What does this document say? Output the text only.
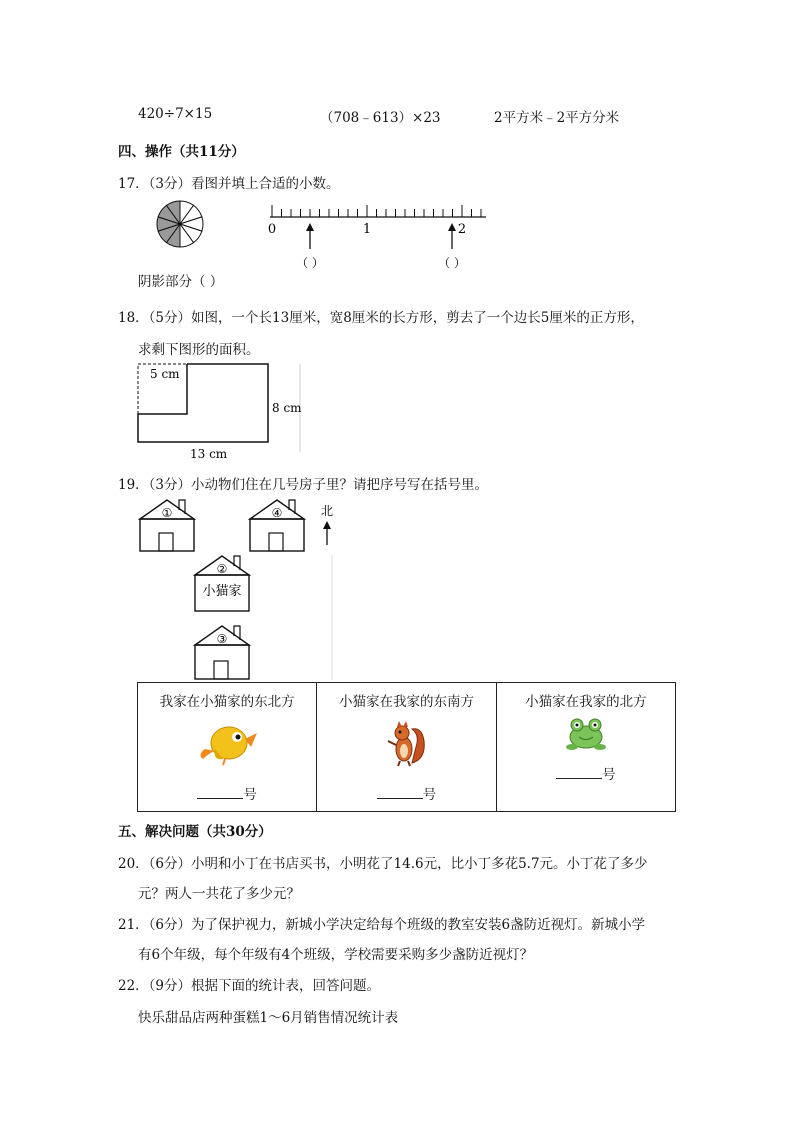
420÷7×15	（708﹣613）×23	2平方米﹣2平方分米
四、操作（共11分）
17．（3分）看图并填上合适的小数。
阴影部分（ ）
0	1	2
（ ）	（ ）
18．（5分）如图，一个长13厘米，宽8厘米的长方形，剪去了一个边长5厘米的正方形，
求剩下图形的面积。
5 cm
8 cm
13 cm
19．（3分）小动物们住在几号房子里？请把序号写在括号里。
①	④	北
②
小猫家
③
我家在小猫家的东北方
号

小猫家在我家的东南方
号

小猫家在我家的北方
号
五、解决问题（共30分）
20．（6分）小明和小丁在书店买书，小明花了14.6元，比小丁多花5.7元。小丁花了多少
元？两人一共花了多少元？
21．（6分）为了保护视力，新城小学决定给每个班级的教室安装6盏防近视灯。新城小学
有6个年级，每个年级有4个班级，学校需要采购多少盏防近视灯？
22．（9分）根据下面的统计表，回答问题。
快乐甜品店两种蛋糕1～6月销售情况统计表
